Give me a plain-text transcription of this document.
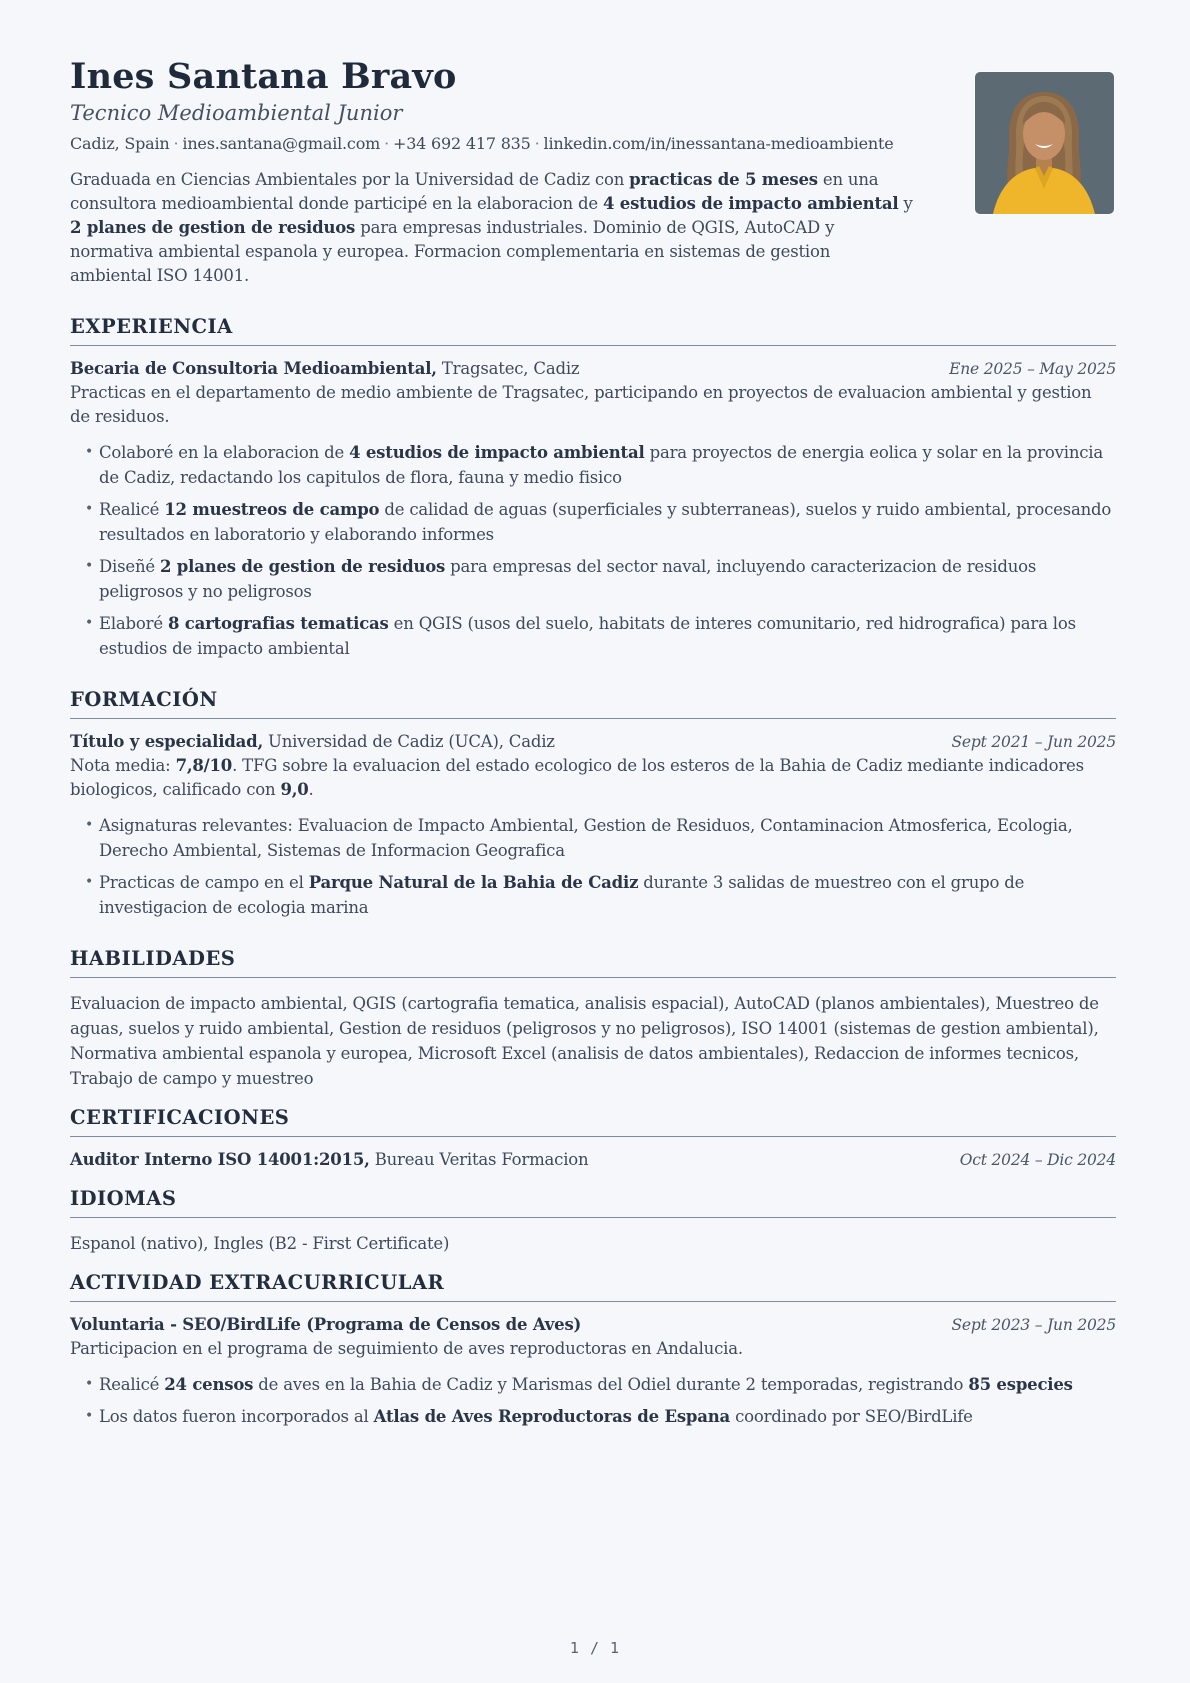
Ines Santana Bravo
Tecnico Medioambiental Junior
Cadiz, Spain · ines.santana@gmail.com · +34 692 417 835 · linkedin.com/in/inessantana-medioambiente
Graduada en Ciencias Ambientales por la Universidad de Cadiz con practicas de 5 meses en una consultora medioambiental donde participé en la elaboracion de 4 estudios de impacto ambiental y 2 planes de gestion de residuos para empresas industriales. Dominio de QGIS, AutoCAD y normativa ambiental espanola y europea. Formacion complementaria en sistemas de gestion ambiental ISO 14001.
EXPERIENCIA
Becaria de Consultoria Medioambiental, Tragsatec, Cadiz	Ene 2025 – May 2025
Practicas en el departamento de medio ambiente de Tragsatec, participando en proyectos de evaluacion ambiental y gestion de residuos.
• Colaboré en la elaboracion de 4 estudios de impacto ambiental para proyectos de energia eolica y solar en la provincia de Cadiz, redactando los capitulos de flora, fauna y medio fisico
• Realicé 12 muestreos de campo de calidad de aguas (superficiales y subterraneas), suelos y ruido ambiental, procesando resultados en laboratorio y elaborando informes
• Diseñé 2 planes de gestion de residuos para empresas del sector naval, incluyendo caracterizacion de residuos peligrosos y no peligrosos
• Elaboré 8 cartografias tematicas en QGIS (usos del suelo, habitats de interes comunitario, red hidrografica) para los estudios de impacto ambiental
FORMACIÓN
Título y especialidad, Universidad de Cadiz (UCA), Cadiz	Sept 2021 – Jun 2025
Nota media: 7,8/10. TFG sobre la evaluacion del estado ecologico de los esteros de la Bahia de Cadiz mediante indicadores biologicos, calificado con 9,0.
• Asignaturas relevantes: Evaluacion de Impacto Ambiental, Gestion de Residuos, Contaminacion Atmosferica, Ecologia, Derecho Ambiental, Sistemas de Informacion Geografica
• Practicas de campo en el Parque Natural de la Bahia de Cadiz durante 3 salidas de muestreo con el grupo de investigacion de ecologia marina
HABILIDADES
Evaluacion de impacto ambiental, QGIS (cartografia tematica, analisis espacial), AutoCAD (planos ambientales), Muestreo de aguas, suelos y ruido ambiental, Gestion de residuos (peligrosos y no peligrosos), ISO 14001 (sistemas de gestion ambiental), Normativa ambiental espanola y europea, Microsoft Excel (analisis de datos ambientales), Redaccion de informes tecnicos, Trabajo de campo y muestreo
CERTIFICACIONES
Auditor Interno ISO 14001:2015, Bureau Veritas Formacion	Oct 2024 – Dic 2024
IDIOMAS
Espanol (nativo), Ingles (B2 - First Certificate)
ACTIVIDAD EXTRACURRICULAR
Voluntaria - SEO/BirdLife (Programa de Censos de Aves)	Sept 2023 – Jun 2025
Participacion en el programa de seguimiento de aves reproductoras en Andalucia.
• Realicé 24 censos de aves en la Bahia de Cadiz y Marismas del Odiel durante 2 temporadas, registrando 85 especies
• Los datos fueron incorporados al Atlas de Aves Reproductoras de Espana coordinado por SEO/BirdLife
1 / 1
